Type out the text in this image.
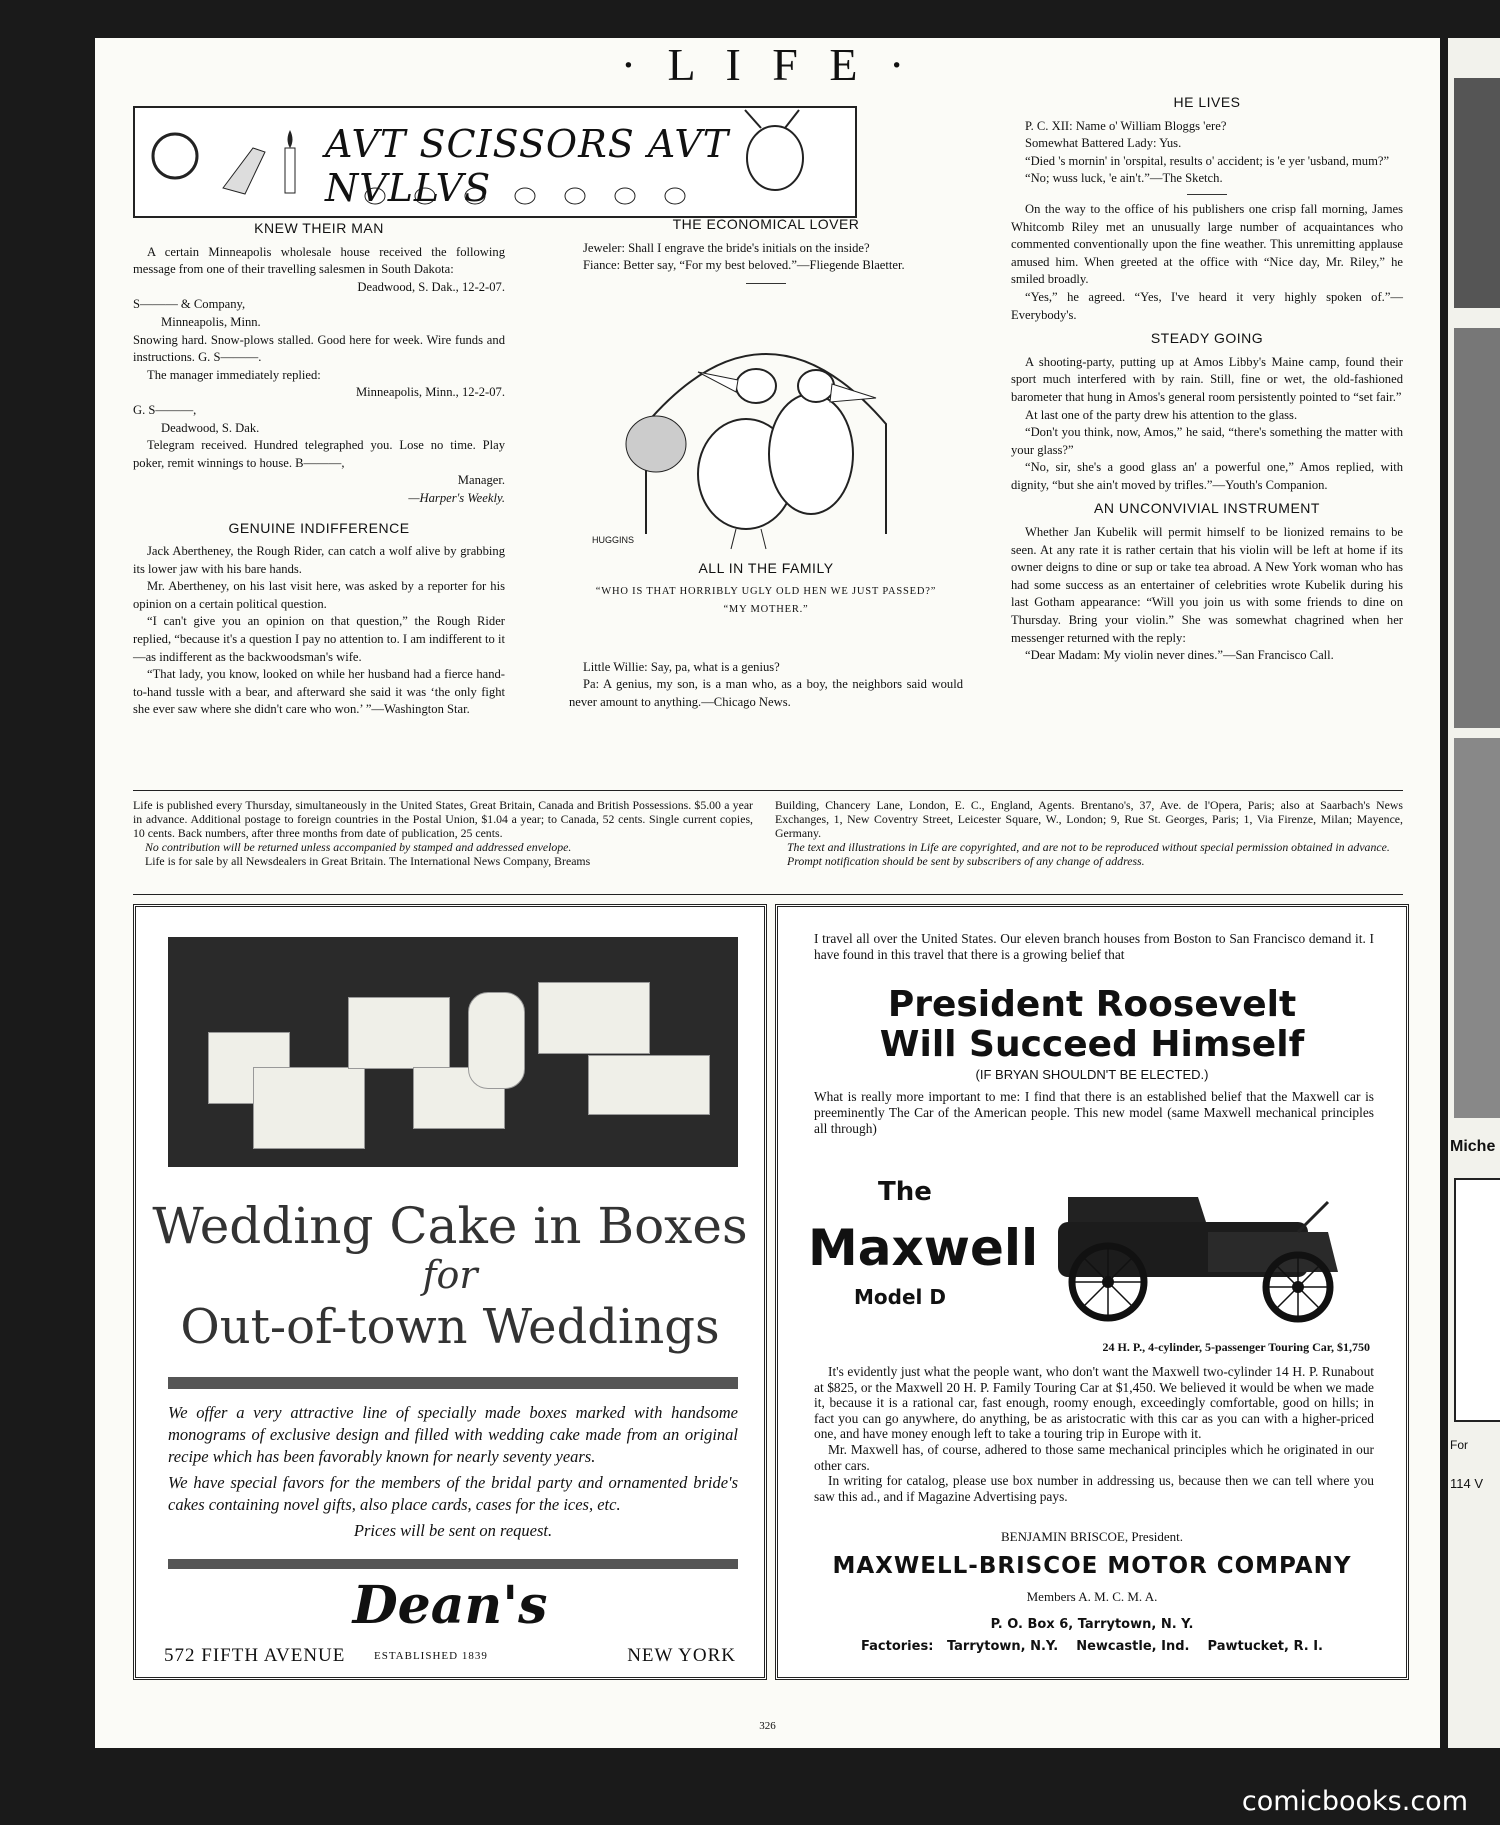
· L I F E ·
AVT SCISSORS AVT NVLLVS
KNEW THEIR MAN

A certain Minneapolis wholesale house received the following message from one of their travelling salesmen in South Dakota:

Deadwood, S. Dak., 12-2-07.

S——— & Company,

Minneapolis, Minn.

Snowing hard. Snow-plows stalled. Good here for week. Wire funds and instructions. G. S———.

The manager immediately replied:

Minneapolis, Minn., 12-2-07.

G. S———,

Deadwood, S. Dak.

Telegram received. Hundred telegraphed you. Lose no time. Play poker, remit winnings to house. B———,

Manager.

—Harper's Weekly.

GENUINE INDIFFERENCE

Jack Abertheney, the Rough Rider, can catch a wolf alive by grabbing its lower jaw with his bare hands.

Mr. Abertheney, on his last visit here, was asked by a reporter for his opinion on a certain political question.

“I can't give you an opinion on that question,” the Rough Rider replied, “because it's a question I pay no attention to. I am indifferent to it—as indifferent as the backwoodsman's wife.

“That lady, you know, looked on while her husband had a fierce hand-to-hand tussle with a bear, and afterward she said it was ‘the only fight she ever saw where she didn't care who won.’ ”—Washington Star.

THE ECONOMICAL LOVER

Jeweler: Shall I engrave the bride's initials on the inside?

Fiance: Better say, “For my best beloved.”—Fliegende Blaetter.

HUGGINS
ALL IN THE FAMILY

“WHO IS THAT HORRIBLY UGLY OLD HEN WE JUST PASSED?”

“MY MOTHER.”

Little Willie: Say, pa, what is a genius?

Pa: A genius, my son, is a man who, as a boy, the neighbors said would never amount to anything.—Chicago News.

HE LIVES

P. C. XII: Name o' William Bloggs 'ere?

Somewhat Battered Lady: Yus.

“Died 's mornin' in 'orspital, results o' accident; is 'e yer 'usband, mum?”

“No; wuss luck, 'e ain't.”—The Sketch.

On the way to the office of his publishers one crisp fall morning, James Whitcomb Riley met an unusually large number of acquaintances who commented conventionally upon the fine weather. This unremitting applause amused him. When greeted at the office with “Nice day, Mr. Riley,” he smiled broadly.

“Yes,” he agreed. “Yes, I've heard it very highly spoken of.”—Everybody's.

STEADY GOING

A shooting-party, putting up at Amos Libby's Maine camp, found their sport much interfered with by rain. Still, fine or wet, the old-fashioned barometer that hung in Amos's general room persistently pointed to “set fair.”

At last one of the party drew his attention to the glass.

“Don't you think, now, Amos,” he said, “there's something the matter with your glass?”

“No, sir, she's a good glass an' a powerful one,” Amos replied, with dignity, “but she ain't moved by trifles.”—Youth's Companion.

AN UNCONVIVIAL INSTRUMENT

Whether Jan Kubelik will permit himself to be lionized remains to be seen. At any rate it is rather certain that his violin will be left at home if its owner deigns to dine or sup or take tea abroad. A New York woman who has had some success as an entertainer of celebrities wrote Kubelik during his last Gotham appearance: “Will you join us with some friends to dine on Thursday. Bring your violin.” She was somewhat chagrined when her messenger returned with the reply:

“Dear Madam: My violin never dines.”—San Francisco Call.

Life is published every Thursday, simultaneously in the United States, Great Britain, Canada and British Possessions. $5.00 a year in advance. Additional postage to foreign countries in the Postal Union, $1.04 a year; to Canada, 52 cents. Single current copies, 10 cents. Back numbers, after three months from date of publication, 25 cents.
No contribution will be returned unless accompanied by stamped and addressed envelope.
Life is for sale by all Newsdealers in Great Britain. The International News Company, Breams
Building, Chancery Lane, London, E. C., England, Agents. Brentano's, 37, Ave. de l'Opera, Paris; also at Saarbach's News Exchanges, 1, New Coventry Street, Leicester Square, W., London; 9, Rue St. Georges, Paris; 1, Via Firenze, Milan; Mayence, Germany.
The text and illustrations in Life are copyrighted, and are not to be reproduced without special permission obtained in advance.
Prompt notification should be sent by subscribers of any change of address.
Wedding Cake in Boxes
for
Out-of-town Weddings
We offer a very attractive line of specially made boxes marked with handsome monograms of exclusive design and filled with wedding cake made from an original recipe which has been favorably known for nearly seventy years.
We have special favors for the members of the bridal party and ornamented bride's cakes containing novel gifts, also place cards, cases for the ices, etc.
Prices will be sent on request.
Dean's
572 FIFTH AVENUE	ESTABLISHED 1839	NEW YORK
I travel all over the United States. Our eleven branch houses from Boston to San Francisco demand it. I have found in this travel that there is a growing belief that
President Roosevelt
Will Succeed Himself
(IF BRYAN SHOULDN'T BE ELECTED.)
What is really more important to me: I find that there is an established belief that the Maxwell car is preeminently The Car of the American people. This new model (same Maxwell mechanical principles all through)
The
Maxwell
Model D
24 H. P., 4-cylinder, 5-passenger Touring Car, $1,750
It's evidently just what the people want, who don't want the Maxwell two-cylinder 14 H. P. Runabout at $825, or the Maxwell 20 H. P. Family Touring Car at $1,450. We believed it would be when we made it, because it is a rational car, fast enough, roomy enough, exceedingly comfortable, good on hills; in fact you can go anywhere, do anything, be as aristocratic with this car as you can with a higher-priced one, and have money enough left to take a touring trip in Europe with it.
Mr. Maxwell has, of course, adhered to those same mechanical principles which he originated in our other cars.
In writing for catalog, please use box number in addressing us, because then we can tell where you saw this ad., and if Magazine Advertising pays.
BENJAMIN BRISCOE, President.
MAXWELL-BRISCOE MOTOR COMPANY
Members A. M. C. M. A.
P. O. Box 6, Tarrytown, N. Y.
Factories:   Tarrytown, N.Y.    Newcastle, Ind.    Pawtucket, R. I.
326
Miche
For
114 V
comicbooks.com
